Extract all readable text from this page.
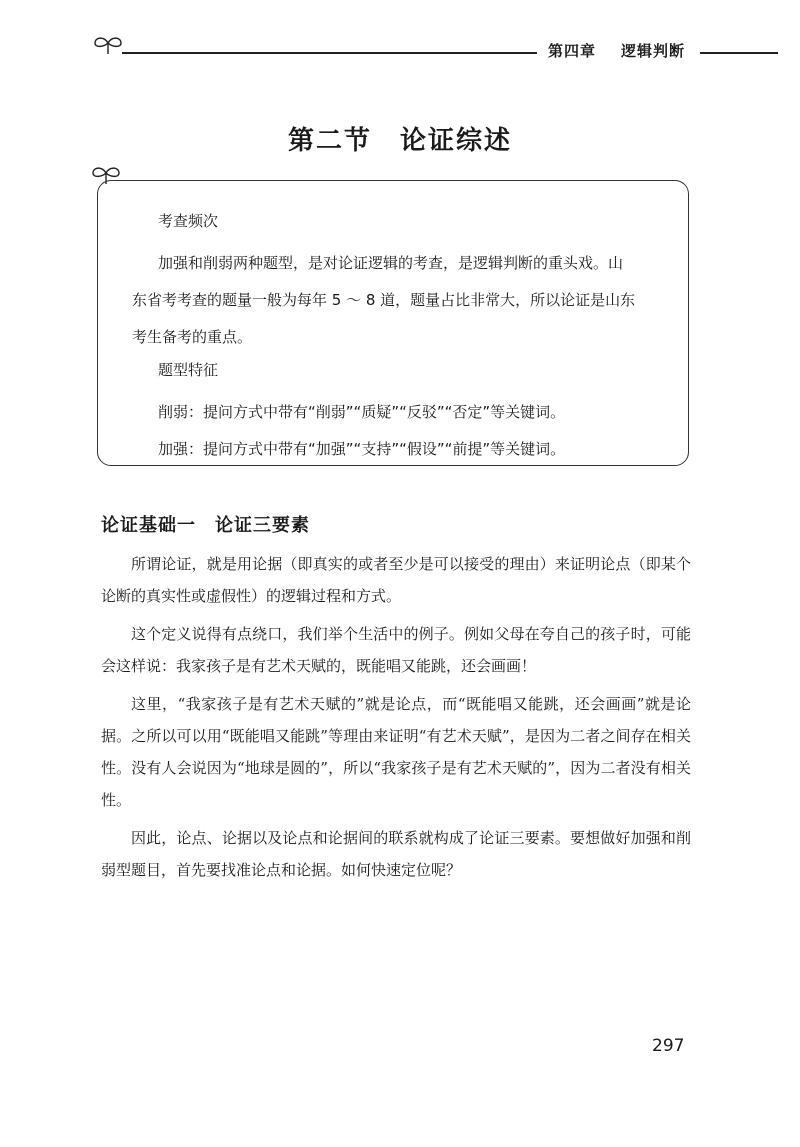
第四章 逻辑判断
第二节　论证综述
考查频次

加强和削弱两种题型，是对论证逻辑的考查，是逻辑判断的重头戏。山

东省考考查的题量一般为每年 5 ～ 8 道，题量占比非常大，所以论证是山东

考生备考的重点。

题型特征

削弱：提问方式中带有“削弱”“质疑”“反驳”“否定”等关键词。

加强：提问方式中带有“加强”“支持”“假设”“前提”等关键词。

论证基础一　论证三要素

所谓论证，就是用论据（即真实的或者至少是可以接受的理由）来证明论点（即某个论断的真实性或虚假性）的逻辑过程和方式。

这个定义说得有点绕口，我们举个生活中的例子。例如父母在夸自己的孩子时，可能会这样说：我家孩子是有艺术天赋的，既能唱又能跳，还会画画！

这里，“我家孩子是有艺术天赋的”就是论点，而“既能唱又能跳，还会画画”就是论据。之所以可以用“既能唱又能跳”等理由来证明“有艺术天赋”，是因为二者之间存在相关性。没有人会说因为“地球是圆的”，所以“我家孩子是有艺术天赋的”，因为二者没有相关性。

因此，论点、论据以及论点和论据间的联系就构成了论证三要素。要想做好加强和削弱型题目，首先要找准论点和论据。如何快速定位呢？

297
